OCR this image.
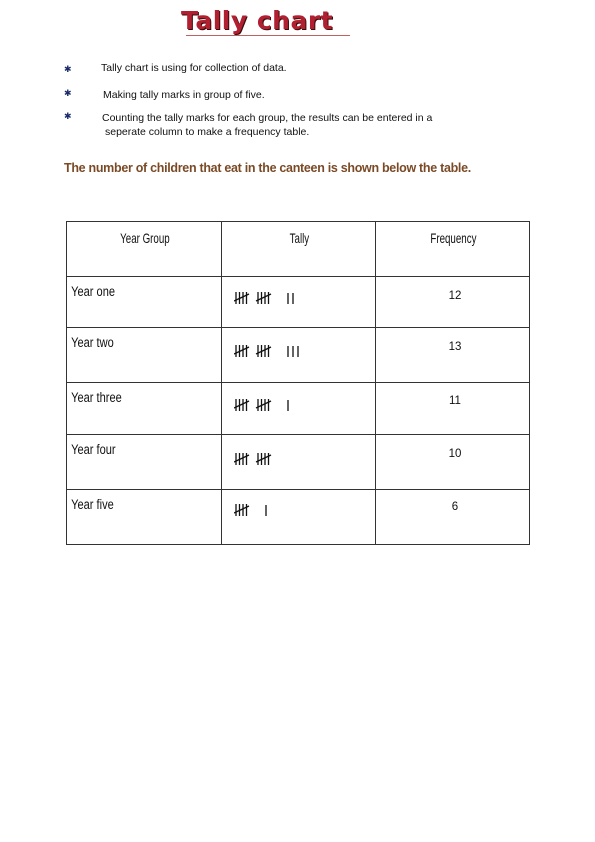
Tally chart
✱	Tally chart is using for collection of data.

✱	Making tally marks in group of five.

✱	Counting the tally marks for each group, the results can be entered in a

seperate column to make a frequency table.

The number of children that eat in the canteen is shown below the table.
Year Group	Tally	Frequency

Year one		12

Year two		13

Year three		11

Year four		10

Year five		6
